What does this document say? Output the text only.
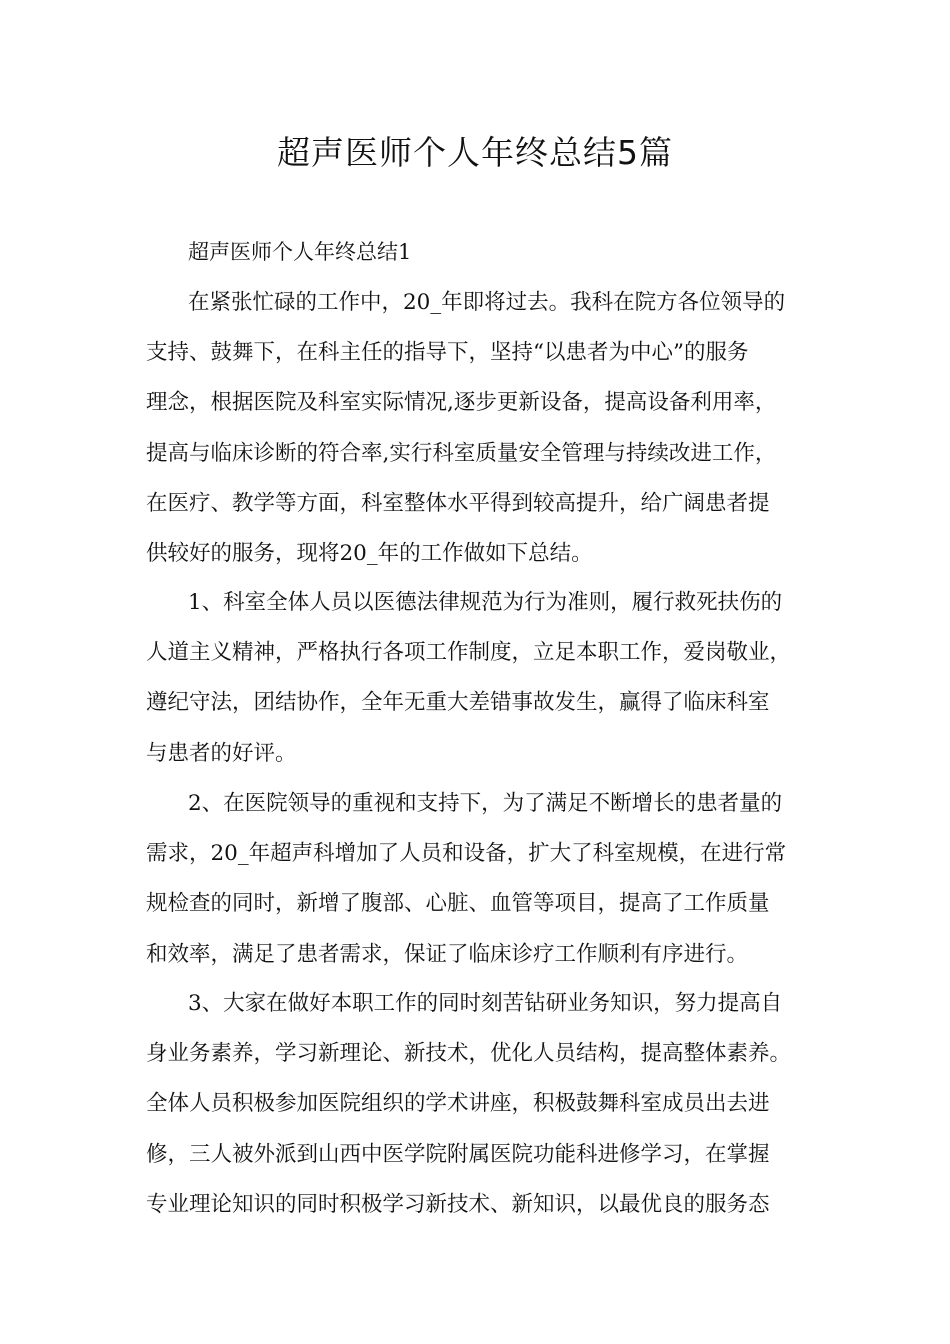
超声医师个人年终总结5篇

超声医师个人年终总结1

在紧张忙碌的工作中，20_年即将过去。我科在院方各位领导的
支持、鼓舞下，在科主任的指导下，坚持“以患者为中心”的服务
理念，根据医院及科室实际情况,逐步更新设备，提高设备利用率，
提高与临床诊断的符合率,实行科室质量安全管理与持续改进工作，
在医疗、教学等方面，科室整体水平得到较高提升，给广阔患者提
供较好的服务，现将20_年的工作做如下总结。
1、科室全体人员以医德法律规范为行为准则，履行救死扶伤的
人道主义精神，严格执行各项工作制度，立足本职工作，爱岗敬业，
遵纪守法，团结协作，全年无重大差错事故发生，赢得了临床科室
与患者的好评。
2、在医院领导的重视和支持下，为了满足不断增长的患者量的
需求，20_年超声科增加了人员和设备，扩大了科室规模，在进行常
规检查的同时，新增了腹部、心脏、血管等项目，提高了工作质量
和效率，满足了患者需求，保证了临床诊疗工作顺利有序进行。
3、大家在做好本职工作的同时刻苦钻研业务知识，努力提高自
身业务素养，学习新理论、新技术，优化人员结构，提高整体素养。
全体人员积极参加医院组织的学术讲座，积极鼓舞科室成员出去进
修，三人被外派到山西中医学院附属医院功能科进修学习，在掌握
专业理论知识的同时积极学习新技术、新知识，以最优良的服务态
